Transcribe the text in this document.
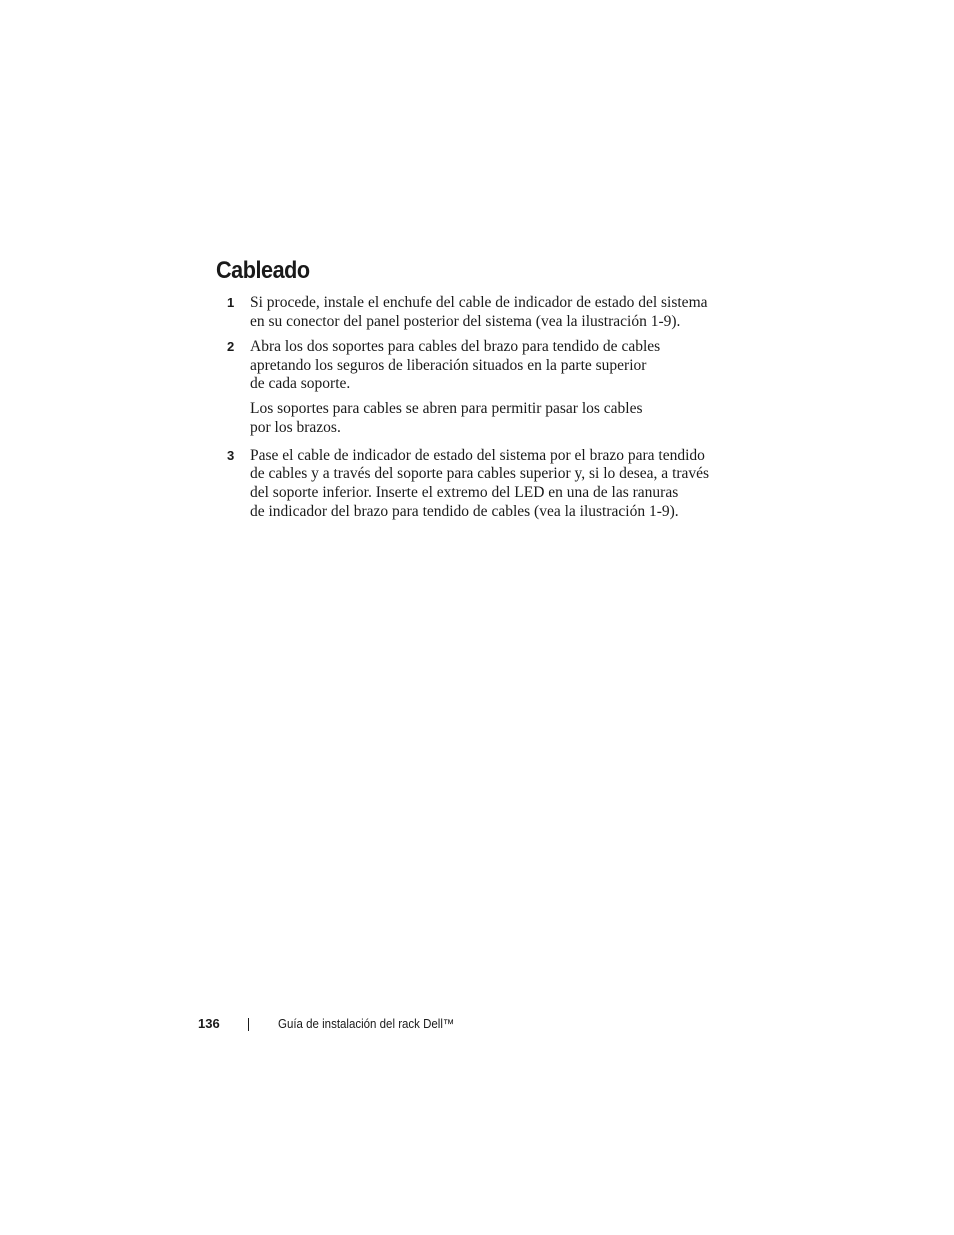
Cableado
1 Si procede, instale el enchufe del cable de indicador de estado del sistema
en su conector del panel posterior del sistema (vea la ilustración 1-9).
2 Abra los dos soportes para cables del brazo para tendido de cables
apretando los seguros de liberación situados en la parte superior
de cada soporte.
Los soportes para cables se abren para permitir pasar los cables
por los brazos.
3 Pase el cable de indicador de estado del sistema por el brazo para tendido
de cables y a través del soporte para cables superior y, si lo desea, a través
del soporte inferior. Inserte el extremo del LED en una de las ranuras
de indicador del brazo para tendido de cables (vea la ilustración 1-9).
136	Guía de instalación del rack Dell™
